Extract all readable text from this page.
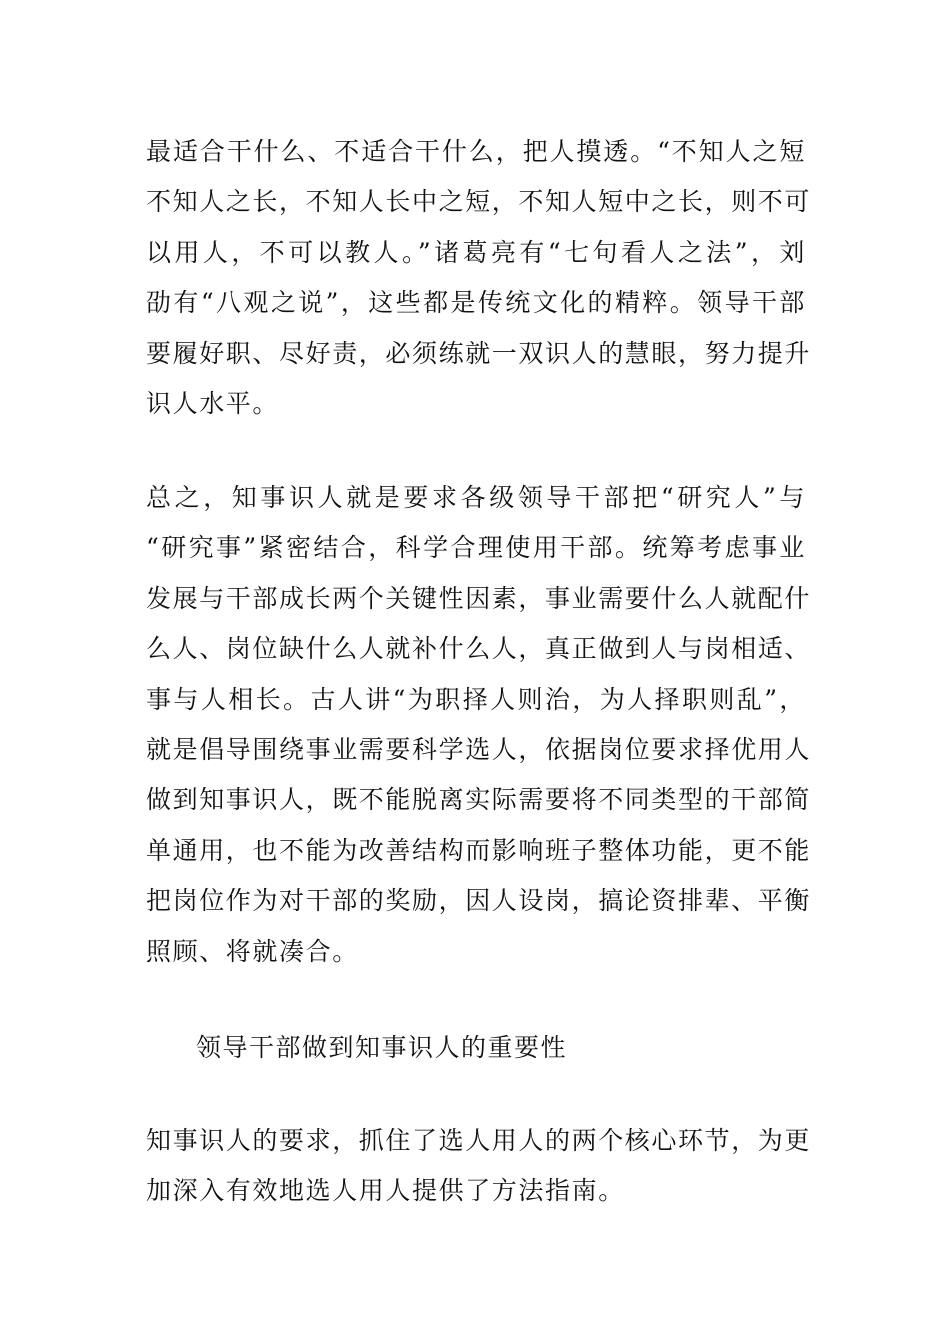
最适合干什么、不适合干什么，把人摸透。“不知人之短
不知人之长，不知人长中之短，不知人短中之长，则不可
以用人，不可以教人。”诸葛亮有“七句看人之法”，刘
劭有“八观之说”，这些都是传统文化的精粹。领导干部
要履好职、尽好责，必须练就一双识人的慧眼，努力提升
识人水平。
总之，知事识人就是要求各级领导干部把“研究人”与
“研究事”紧密结合，科学合理使用干部。统筹考虑事业
发展与干部成长两个关键性因素，事业需要什么人就配什
么人、岗位缺什么人就补什么人，真正做到人与岗相适、
事与人相长。古人讲“为职择人则治，为人择职则乱”，
就是倡导围绕事业需要科学选人，依据岗位要求择优用人
做到知事识人，既不能脱离实际需要将不同类型的干部简
单通用，也不能为改善结构而影响班子整体功能，更不能
把岗位作为对干部的奖励，因人设岗，搞论资排辈、平衡
照顾、将就凑合。
领导干部做到知事识人的重要性
知事识人的要求，抓住了选人用人的两个核心环节，为更
加深入有效地选人用人提供了方法指南。
